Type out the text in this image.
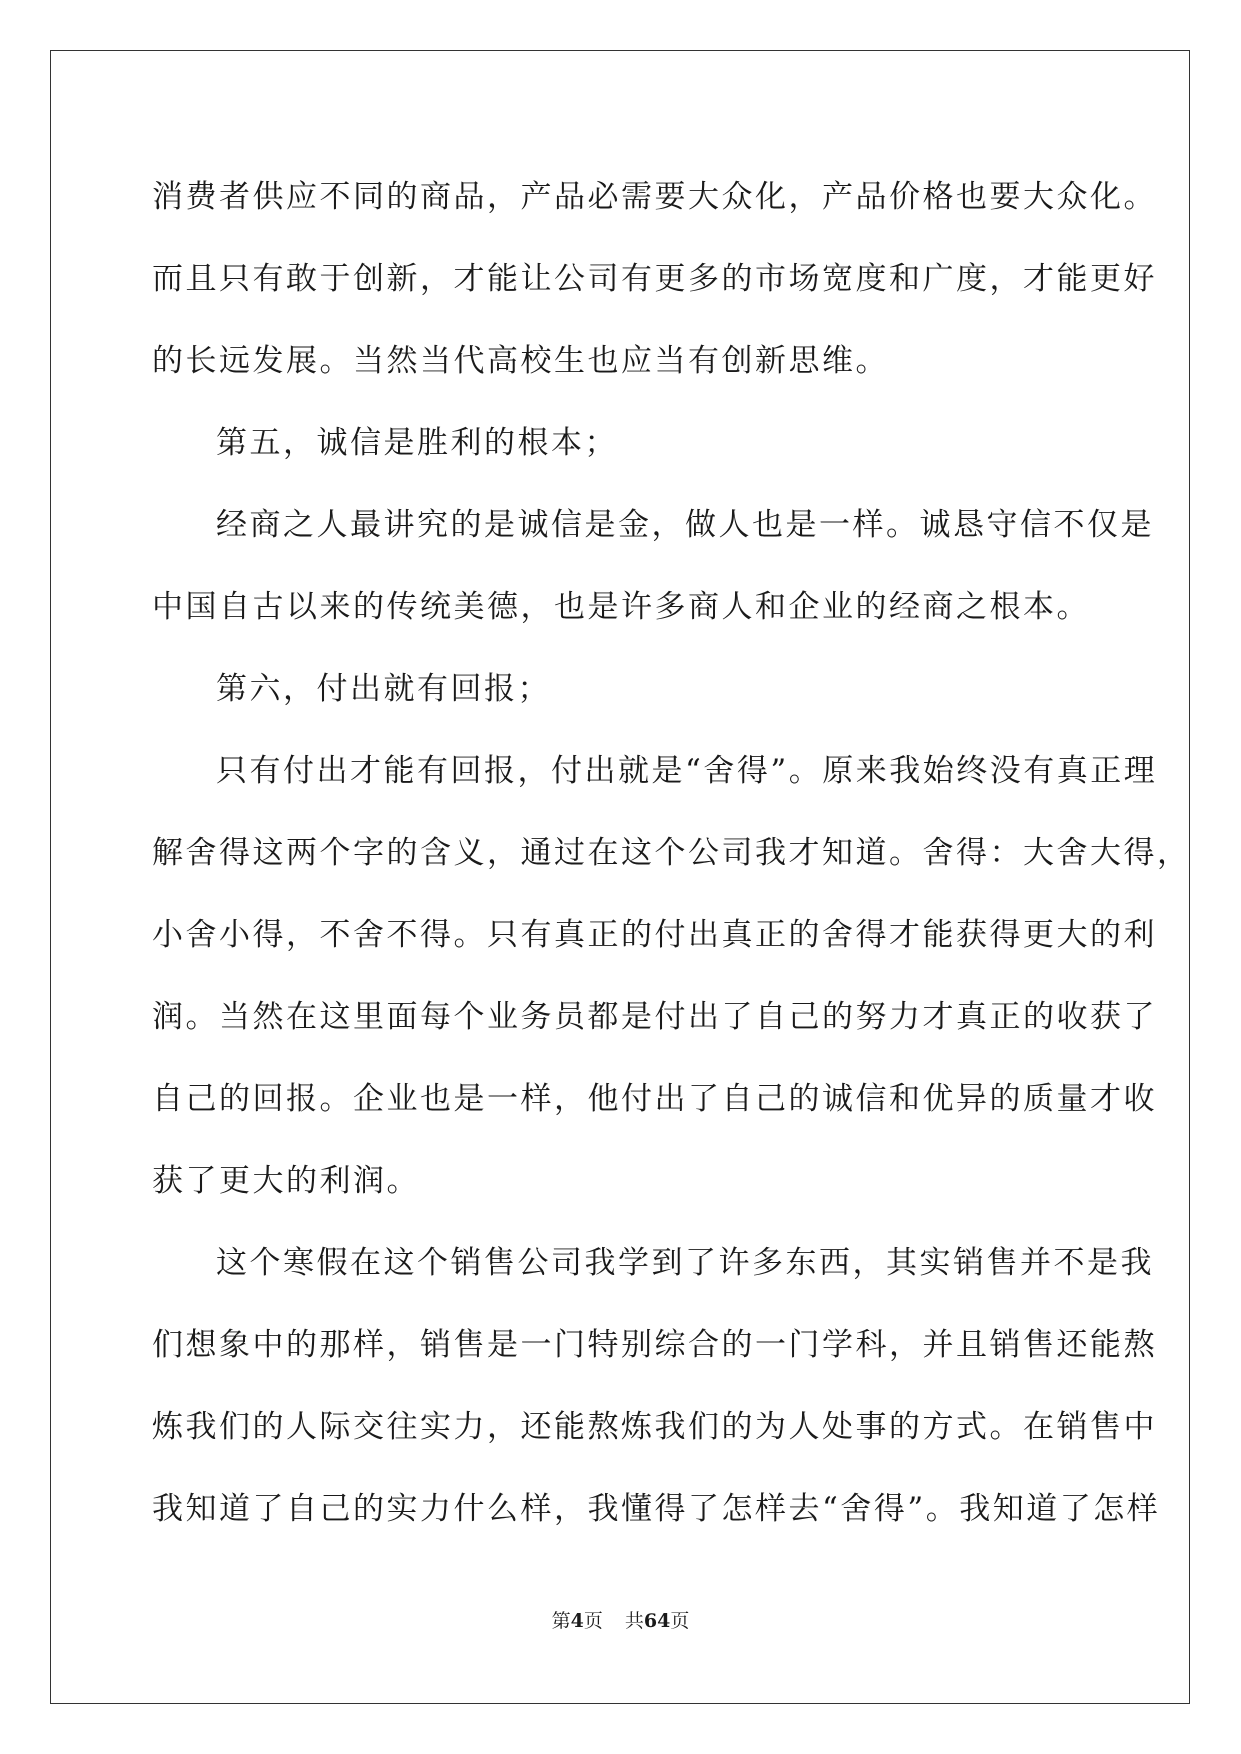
消费者供应不同的商品，产品必需要大众化，产品价格也要大众化。
而且只有敢于创新，才能让公司有更多的市场宽度和广度，才能更好
的长远发展。当然当代高校生也应当有创新思维。
第五，诚信是胜利的根本；
经商之人最讲究的是诚信是金，做人也是一样。诚恳守信不仅是
中国自古以来的传统美德，也是许多商人和企业的经商之根本。
第六，付出就有回报；
只有付出才能有回报，付出就是“舍得”。原来我始终没有真正理
解舍得这两个字的含义，通过在这个公司我才知道。舍得：大舍大得，
小舍小得，不舍不得。只有真正的付出真正的舍得才能获得更大的利
润。当然在这里面每个业务员都是付出了自己的努力才真正的收获了
自己的回报。企业也是一样，他付出了自己的诚信和优异的质量才收
获了更大的利润。
这个寒假在这个销售公司我学到了许多东西，其实销售并不是我
们想象中的那样，销售是一门特别综合的一门学科，并且销售还能熬
炼我们的人际交往实力，还能熬炼我们的为人处事的方式。在销售中
我知道了自己的实力什么样，我懂得了怎样去“舍得”。我知道了怎样
第4页 共64页
